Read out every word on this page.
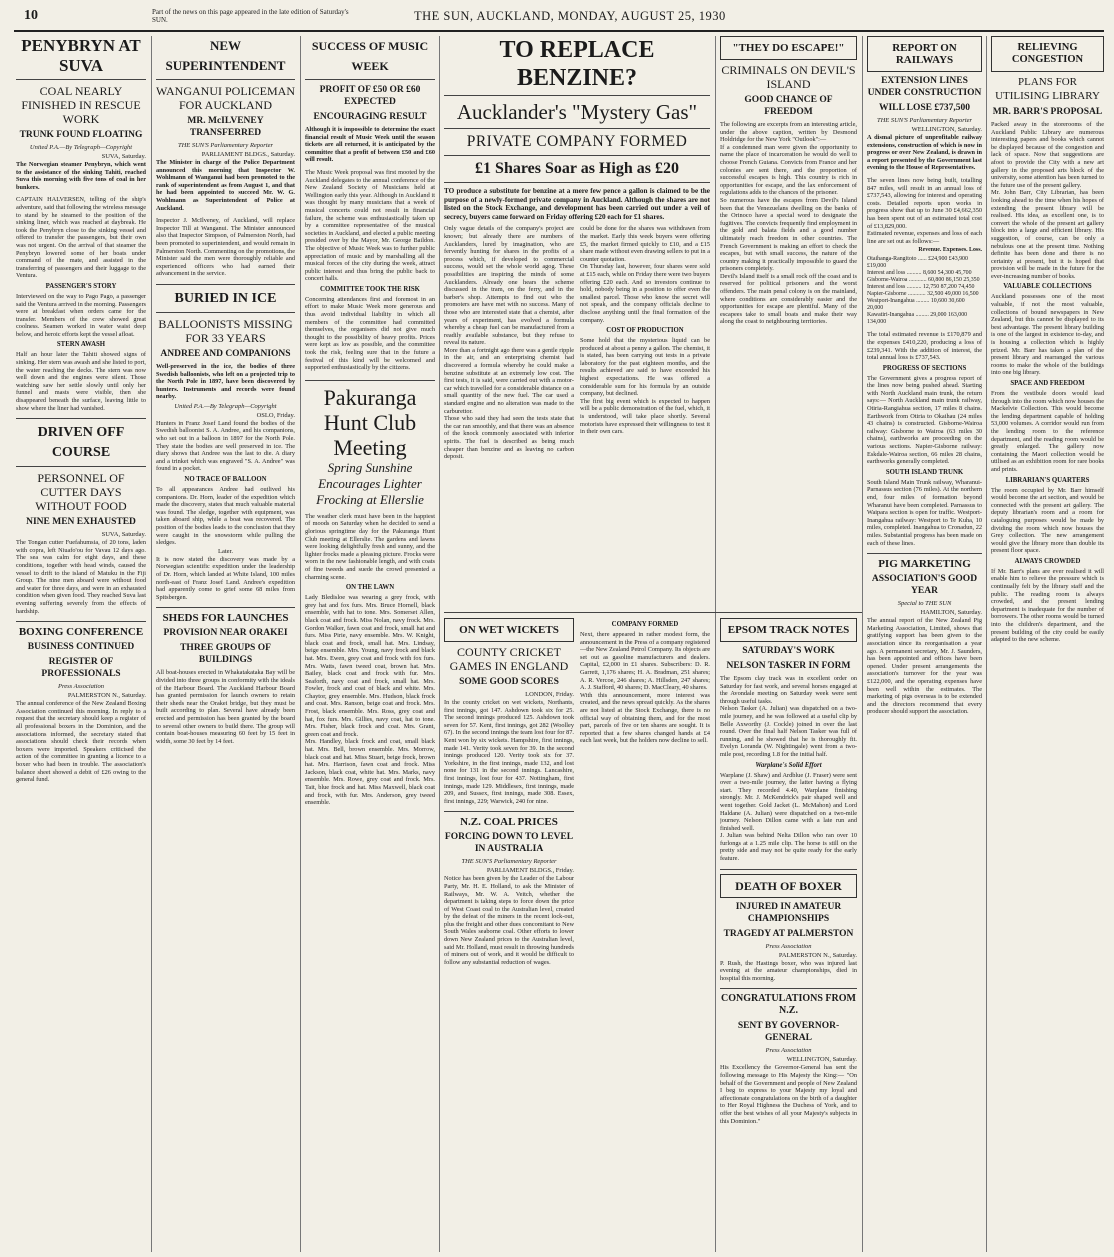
10	Part of the news on this page appeared in the late edition of Saturday's SUN.	THE SUN, AUCKLAND, MONDAY, AUGUST 25, 1930
PENYBRYN AT SUVA
COAL NEARLY FINISHED IN RESCUE WORK
TRUNK FOUND FLOATING

United P.A.—By Telegraph—Copyright

SUVA, Saturday.

The Norwegian steamer Penybryn, which went to the assistance of the sinking Tahiti, reached Suva this morning with five tons of coal in her bunkers.

CAPTAIN HALVERSEN, telling of the ship's adventure, said that following the wireless message to stand by he steamed to the position of the sinking liner, which was reached at daybreak. He took the Penybryn close to the sinking vessel and offered to transfer the passengers, but their own was not urgent. On the arrival of that steamer the Penybryn lowered some of her boats under command of the mate, and assisted in the transferring of passengers and their luggage to the Ventura.

PASSENGER'S STORY

Interviewed on the way to Pago Pago, a passenger said the Ventura arrived in the morning. Passengers were at breakfast when orders came for the transfer. Members of the crew showed great coolness. Seamen worked in water waist deep below, and heroic efforts kept the vessel afloat.

STERN AWASH

Half an hour later the Tahiti showed signs of sinking. Her stern was awash and she listed to port, the water reaching the decks. The stern was now well down and the engines were silent. Those watching saw her settle slowly until only her funnel and masts were visible, then she disappeared beneath the surface, leaving little to show where the liner had vanished.

DRIVEN OFF COURSE
PERSONNEL OF CUTTER DAYS WITHOUT FOOD
NINE MEN EXHAUSTED

SUVA, Saturday.

The Tongan cutter Fuefahumsia, of 20 tons, laden with copra, left Niuafo'ou for Vavau 12 days ago. The sea was calm for eight days, and these conditions, together with head winds, caused the vessel to drift to the island of Matuku in the Fiji Group. The nine men aboard were without food and water for three days, and were in an exhausted condition when given food. They reached Suva last evening suffering severely from the effects of hardship.

BOXING CONFERENCE
BUSINESS CONTINUED
REGISTER OF PROFESSIONALS

Press Association

PALMERSTON N., Saturday.

The annual conference of the New Zealand Boxing Association continued this morning. In reply to a request that the secretary should keep a register of all professional boxers in the Dominion, and the associations informed, the secretary stated that associations should check their records when boxers were imported. Speakers criticised the action of the committee in granting a licence to a boxer who had been in trouble. The association's balance sheet showed a debit of £26 owing to the general fund.

NEW SUPERINTENDENT
WANGANUI POLICEMAN FOR AUCKLAND
MR. McILVENEY TRANSFERRED

THE SUN'S Parliamentary Reporter

PARLIAMENT BLDGS., Saturday.

The Minister in charge of the Police Department announced this morning that Inspector W. Wohlmann of Wanganui had been promoted to the rank of superintendent as from August 1, and that he had been appointed to succeed Mr. W. G. Wohlmann as Superintendent of Police at Auckland.

Inspector J. McIlveney, of Auckland, will replace Inspector Till at Wanganui. The Minister announced also that Inspector Simpson, of Palmerston North, had been promoted to superintendent, and would remain in Palmerston North. Commenting on the promotions, the Minister said the men were thoroughly reliable and experienced officers who had earned their advancement in the service.

BURIED IN ICE
BALLOONISTS MISSING FOR 33 YEARS
ANDREE AND COMPANIONS

Well-preserved in the ice, the bodies of three Swedish balloonists, who left on a projected trip to the North Pole in 1897, have been discovered by hunters. Instruments and records were found nearby.

United P.A.—By Telegraph—Copyright

OSLO, Friday.

Hunters in Franz Josef Land found the bodies of the Swedish balloonist S. A. Andree, and his companions, who set out in a balloon in 1897 for the North Pole. They state the bodies are well preserved in ice. The diary shows that Andree was the last to die. A diary and a trinket which was engraved "S. A. Andree" was found in a pocket.

NO TRACE OF BALLOON

To all appearances Andree had outlived his companions. Dr. Horn, leader of the expedition which made the discovery, states that much valuable material was found. The sledge, together with equipment, was taken aboard ship, while a boat was recovered. The position of the bodies leads to the conclusion that they were caught in the snowstorm while pulling the sledges.

Later.

It is now stated the discovery was made by a Norwegian scientific expedition under the leadership of Dr. Horn, which landed at White Island, 100 miles north-east of Franz Josef Land. Andree's expedition had apparently come to grief some 68 miles from Spitsbergen.

SHEDS FOR LAUNCHES
PROVISION NEAR ORAKEI
THREE GROUPS OF BUILDINGS

All boat-houses erected in Whakatakataka Bay will be divided into three groups in conformity with the ideals of the Harbour Board. The Auckland Harbour Board has granted permission for launch owners to retain their sheds near the Orakei bridge, but they must be built according to plan. Several have already been erected and permission has been granted by the board to several other owners to build there. The group will contain boat-houses measuring 60 feet by 15 feet in width, some 30 feet by 14 feet.

SUCCESS OF MUSIC WEEK
PROFIT OF £50 OR £60 EXPECTED
ENCOURAGING RESULT

Although it is impossible to determine the exact financial result of Music Week until the season tickets are all returned, it is anticipated by the committee that a profit of between £50 and £60 will result.

The Music Week proposal was first mooted by the Auckland delegates to the annual conference of the New Zealand Society of Musicians held at Wellington early this year. Although in Auckland it was thought by many musicians that a week of musical concerts could not result in financial failure, the scheme was enthusiastically taken up by a committee representative of the musical societies in Auckland, and elected a public meeting presided over by the Mayor, Mr. George Baildon. The objective of Music Week was to further public appreciation of music and by marshalling all the musical forces of the city during the week, attract public interest and thus bring the public back to concert halls.

COMMITTEE TOOK THE RISK

Concerning attendances first and foremost in an effort to make Music Week more generous and thus avoid individual liability in which all members of the committee had committed themselves, the organisers did not give much thought to the possibility of heavy profits. Prices were kept as low as possible, and the committee took the risk, feeling sure that in the future a festival of this kind will be welcomed and supported enthusiastically by the citizens.

Pakuranga Hunt Club Meeting
Spring Sunshine Encourages Lighter Frocking at Ellerslie

The weather clerk must have been in the happiest of moods on Saturday when he decided to send a glorious springtime day for the Pakuranga Hunt Club meeting at Ellerslie. The gardens and lawns were looking delightfully fresh and sunny, and the lighter frocks made a pleasing picture. Frocks were worn in the new fashionable length, and with coats of fine tweeds and suede the crowd presented a charming scene.

ON THE LAWN

Lady Bledisloe was wearing a grey frock, with grey hat and fox furs. Mrs. Bruce Hornell, black ensemble, with hat to tone. Mrs. Somerset Allen, black coat and frock. Miss Nolan, navy frock. Mrs. Gordon Walker, fawn coat and frock, small hat and furs. Miss Pirie, navy ensemble. Mrs. W. Knight, black coat and frock, small hat. Mrs. Lindsay, beige ensemble. Mrs. Young, navy frock and black hat. Mrs. Ewen, grey coat and frock with fox furs. Mrs. Watts, fawn tweed coat, brown hat. Mrs. Bailey, black coat and frock with fur. Mrs. Seaforth, navy coat and frock, small hat. Mrs. Fowler, frock and coat of black and white. Mrs. Chaytor, grey ensemble. Mrs. Hudson, black frock and coat. Mrs. Ranson, beige coat and frock. Mrs. Frost, black ensemble. Mrs. Ross, grey coat and hat, fox furs. Mrs. Gillies, navy coat, hat to tone. Mrs. Fisher, black frock and coat. Mrs. Grant, green coat and frock.

Mrs. Handley, black frock and coat, small black hat. Mrs. Bell, brown ensemble. Mrs. Morrow, black coat and hat. Miss Stuart, beige frock, brown hat. Mrs. Harrison, fawn coat and frock. Miss Jackson, black coat, white hat. Mrs. Marks, navy ensemble. Mrs. Rowe, grey coat and frock. Mrs. Tait, blue frock and hat. Miss Maxwell, black coat and frock, with fur. Mrs. Anderson, grey tweed ensemble.

TO REPLACE BENZINE?
Aucklander's "Mystery Gas"
PRIVATE COMPANY FORMED
£1 Shares Soar as High as £20

TO produce a substitute for benzine at a mere few pence a gallon is claimed to be the purpose of a newly-formed private company in Auckland. Although the shares are not listed on the Stock Exchange, and development has been carried out under a veil of secrecy, buyers came forward on Friday offering £20 each for £1 shares.

Only vague details of the company's project are known; but already there are numbers of Aucklanders, lured by imagination, who are fervently hunting for shares in the profits of a process which, if developed to commercial success, would set the whole world agog. These possibilities are inspiring the minds of some Aucklanders. Already one hears the scheme discussed in the tram, on the ferry, and in the barber's shop. Attempts to find out who the promoters are have met with no success. Many of those who are interested state that a chemist, after years of experiment, has evolved a formula whereby a cheap fuel can be manufactured from a readily available substance, but they refuse to reveal its nature.

More than a fortnight ago there was a gentle ripple in the air, and an enterprising chemist had discovered a formula whereby he could make a benzine substitute at an extremely low cost. The first tests, it is said, were carried out with a motor-car which travelled for a considerable distance on a small quantity of the new fuel. The car used a standard engine and no alteration was made to the carburettor.

Those who said they had seen the tests state that the car ran smoothly, and that there was an absence of the knock commonly associated with inferior spirits. The fuel is described as being much cheaper than benzine and as leaving no carbon deposit.

could be done for the shares was withdrawn from the market. Early this week buyers were offering £5, the market firmed quickly to £10, and a £15 share made without even drawing sellers to put in a counter quotation.

On Thursday last, however, four shares were sold at £15 each, while on Friday there were two buyers offering £20 each. And so investors continue to hold, nobody being in a position to offer even the smallest parcel. Those who know the secret will not speak, and the company officials decline to disclose anything until the final formation of the company.

COST OF PRODUCTION

Some hold that the mysterious liquid can be produced at about a penny a gallon. The chemist, it is stated, has been carrying out tests in a private laboratory for the past eighteen months, and the results achieved are said to have exceeded his highest expectations. He was offered a considerable sum for his formula by an outside company, but declined.

The first big event which is expected to happen will be a public demonstration of the fuel, which, it is understood, will take place shortly. Several motorists have expressed their willingness to test it in their own cars.

"THEY DO ESCAPE!"
CRIMINALS ON DEVIL'S ISLAND
GOOD CHANCE OF FREEDOM

The following are excerpts from an interesting article, under the above caption, written by Desmond Holdridge for the New York "Outlook":—

If a condemned man were given the opportunity to name the place of incarceration he would do well to choose French Guiana. Convicts from France and her colonies are sent there, and the proportion of successful escapes is high. This country is rich in opportunities for escape, and the lax enforcement of regulations adds to the chances of the prisoner.

So numerous have the escapes from Devil's Island been that the Venezuelans dwelling on the banks of the Orinoco have a special word to designate the fugitives. The convicts frequently find employment in the gold and balata fields and a good number ultimately reach freedom in other countries. The French Government is making an effort to check the escapes, but with small success, the nature of the country making it practically impossible to guard the prisoners completely.

Devil's Island itself is a small rock off the coast and is reserved for political prisoners and the worst offenders. The main penal colony is on the mainland, where conditions are considerably easier and the opportunities for escape are plentiful. Many of the escapees take to small boats and make their way along the coast to neighbouring territories.

ON WET WICKETS
COUNTY CRICKET GAMES IN ENGLAND
SOME GOOD SCORES

LONDON, Friday.

In the county cricket on wet wickets, Northants, first innings, got 147. Ashdown took six for 25. The second innings produced 125. Ashdown took seven for 57. Kent, first innings, got 282 (Woolley 67). In the second innings the team lost four for 87. Kent won by six wickets. Hampshire, first innings, made 141. Verity took seven for 39. In the second innings produced 120. Verity took six for 37. Yorkshire, in the first innings, made 132, and lost none for 131 in the second innings. Lancashire, first innings, lost four for 437. Nottingham, first innings, made 129. Middlesex, first innings, made 209, and Sussex, first innings, made 308. Essex, first innings, 229; Warwick, 240 for nine.

N.Z. COAL PRICES
FORCING DOWN TO LEVEL IN AUSTRALIA

THE SUN'S Parliamentary Reporter

PARLIAMENT BLDGS., Friday.

Notice has been given by the Leader of the Labour Party, Mr. H. E. Holland, to ask the Minister of Railways, Mr. W. A. Veitch, whether the department is taking steps to force down the price of West Coast coal to the Australian level, created by the defeat of the miners in the recent lock-out, plus the freight and other dues concomitant to New South Wales seaborne coal. Other efforts to lower down New Zealand prices to the Australian level, said Mr. Holland, must result in throwing hundreds of miners out of work, and it would be difficult to follow any substantial reduction of wages.

COMPANY FORMED

Next, there appeared in rather modest form, the announcement in the Press of a company registered—the New Zealand Petrol Company. Its objects are set out as gasoline manufacturers and dealers. Capital, £2,000 in £1 shares. Subscribers: D. R. Garrett, 1,176 shares; H. A. Bradman, 251 shares; A. R. Vercoe, 246 shares; A. Hillsden, 247 shares; A. J. Stafford, 40 shares; D. MacCleary, 40 shares.

With this announcement, more interest was created, and the news spread quickly. As the shares are not listed at the Stock Exchange, there is no official way of obtaining them, and for the most part, parcels of five or ten shares are sought. It is reported that a few shares changed hands at £4 each last week, but the holders now decline to sell.

EPSOM TRACK NOTES
SATURDAY'S WORK
NELSON TASKER IN FORM

The Epsom clay track was in excellent order on Saturday for fast work, and several horses engaged at the Avondale meeting on Saturday week were sent through useful tasks.

Nelson Tasker (A. Julian) was dispatched on a two-mile journey, and he was followed at a useful clip by Belle Axworthy (J. Cockle) joined in over the last round. Over the final half Nelson Tasker was full of running, and he showed that he is thoroughly fit. Evelyn Loranda (W. Nightingale) went from a two-mile post, recording 1.8 for the initial half.

Warplane's Solid Effort

Warplane (J. Shaw) and Ardblue (J. Fraser) were sent over a two-mile journey, the latter having a flying start. They recorded 4.40, Warplane finishing strongly. Mr. J. McKendrick's pair shaped well and went together. Gold Jacket (L. McMahon) and Lord Haldane (A. Julian) were dispatched on a two-mile journey. Nelson Dillon came with a late run and finished well.

J. Julian was behind Nelta Dillon who ran over 10 furlongs at a 1.25 mile clip. The horse is still on the pretty side and may not be quite ready for the early feature.

DEATH OF BOXER
INJURED IN AMATEUR CHAMPIONSHIPS
TRAGEDY AT PALMERSTON

Press Association

PALMERSTON N., Saturday.

P. Rush, the Hastings boxer, who was injured last evening at the amateur championships, died in hospital this morning.

CONGRATULATIONS FROM N.Z.
SENT BY GOVERNOR-GENERAL

Press Association

WELLINGTON, Saturday.

His Excellency the Governor-General has sent the following message to His Majesty the King:— "On behalf of the Government and people of New Zealand I beg to express to your Majesty my loyal and affectionate congratulations on the birth of a daughter to Her Royal Highness the Duchess of York, and to offer the best wishes of all your Majesty's subjects in this Dominion."

REPORT ON RAILWAYS
EXTENSION LINES UNDER CONSTRUCTION
WILL LOSE £737,500

THE SUN'S Parliamentary Reporter

WELLINGTON, Saturday.

A dismal picture of unprofitable railway extensions, construction of which is now in progress or over New Zealand, is drawn in a report presented by the Government last evening to the House of Representatives.

The seven lines now being built, totalling 847 miles, will result in an annual loss of £737,543, allowing for interest and operating costs. Detailed reports upon works in progress show that up to June 30 £4,662,350 has been spent out of an estimated total cost of £13,829,000.

Estimated revenue, expenses and loss of each line are set out as follows:—

Revenue. Expenses. Loss.

Otaihanga-Rangitoto ...... £24,900 £43,900 £19,000

Interest and loss .......... 8,600 54,300 45,700

Gisborne-Wairoa ............ 60,800 86,150 25,350

Interest and loss .......... 12,750 87,200 74,450

Napier-Gisborne ............ 32,500 49,000 16,500

Westport-Inangahua ......... 10,600 30,600 20,000

Kawatiri-Inangahua ......... 29,000 163,000 134,000

The total estimated revenue is £170,879 and the expenses £410,220, producing a loss of £239,341. With the addition of interest, the total annual loss is £737,543.

PROGRESS OF SECTIONS

The Government gives a progress report of the lines now being pushed ahead. Starting with North Auckland main trunk, the return says:— North Auckland main trunk railway, Otiria-Rangiahua section, 17 miles 8 chains. Earthwork from Otiria to Okaihau (24 miles 43 chains) is constructed. Gisborne-Wairoa railway: Gisborne to Wairoa (63 miles 30 chains), earthworks are proceeding on the various sections. Napier-Gisborne railway: Eskdale-Wairoa section, 66 miles 28 chains, earthworks generally completed.

SOUTH ISLAND TRUNK

South Island Main Trunk railway, Wharanui-Parnassus section (76 miles). At the northern end, four miles of formation beyond Wharanui have been completed. Parnassus to Waipara section is open for traffic. Westport-Inangahua railway: Westport to Te Kuha, 10 miles, completed. Inangahua to Cronadun, 22 miles. Substantial progress has been made on each of these lines.

PIG MARKETING
ASSOCIATION'S GOOD YEAR

Special to THE SUN

HAMILTON, Saturday.

The annual report of the New Zealand Pig Marketing Association, Limited, shows that gratifying support has been given to the association since its reorganisation a year ago. A permanent secretary, Mr. J. Saunders, has been appointed and offices have been opened. Under present arrangements the association's turnover for the year was £122,000, and the operating expenses have been well within the estimates. The marketing of pigs overseas is to be extended and the directors recommend that every producer should support the association.

RELIEVING CONGESTION
PLANS FOR UTILISING LIBRARY
MR. BARR'S PROPOSAL

Packed away in the storerooms of the Auckland Public Library are numerous interesting papers and books which cannot be displayed because of the congestion and lack of space. Now that suggestions are afoot to provide the City with a new art gallery in the proposed arts block of the university, some attention has been turned to the future use of the present gallery.

Mr. John Barr, City Librarian, has been looking ahead to the time when his hopes of extending the present library will be realised. His idea, as excellent one, is to convert the whole of the present art gallery block into a large and efficient library. His suggestion, of course, can be only a nebulous one at the present time. Nothing definite has been done and there is no certainty at present, but it is hoped that provision will be made in the future for the ever-increasing number of books.

VALUABLE COLLECTIONS

Auckland possesses one of the most valuable, if not the most valuable, collections of bound newspapers in New Zealand, but this cannot be displayed to its best advantage. The present library building is one of the largest in existence to-day, and is housing a collection which is highly prized. Mr. Barr has taken a plan of the present library and rearranged the various rooms to make the whole of the buildings into one big library.

SPACE AND FREEDOM

From the vestibule doors would lead through into the room which now houses the Mackelvie Collection. This would become the lending department capable of holding 53,000 volumes. A corridor would run from the lending room to the reference department, and the reading room would be greatly enlarged. The gallery now containing the Maori collection would be utilised as an exhibition room for rare books and prints.

LIBRARIAN'S QUARTERS

The room occupied by Mr. Barr himself would become the art section, and would be connected with the present art gallery. The deputy librarian's room and a room for cataloguing purposes would be made by dividing the room which now houses the Grey collection. The new arrangement would give the library more than double its present floor space.

ALWAYS CROWDED

If Mr. Barr's plans are ever realised it will enable him to relieve the pressure which is continually felt by the library staff and the public. The reading room is always crowded, and the present lending department is inadequate for the number of borrowers. The other rooms would be turned into the children's department, and the present building of the city could be easily adapted to the new scheme.
